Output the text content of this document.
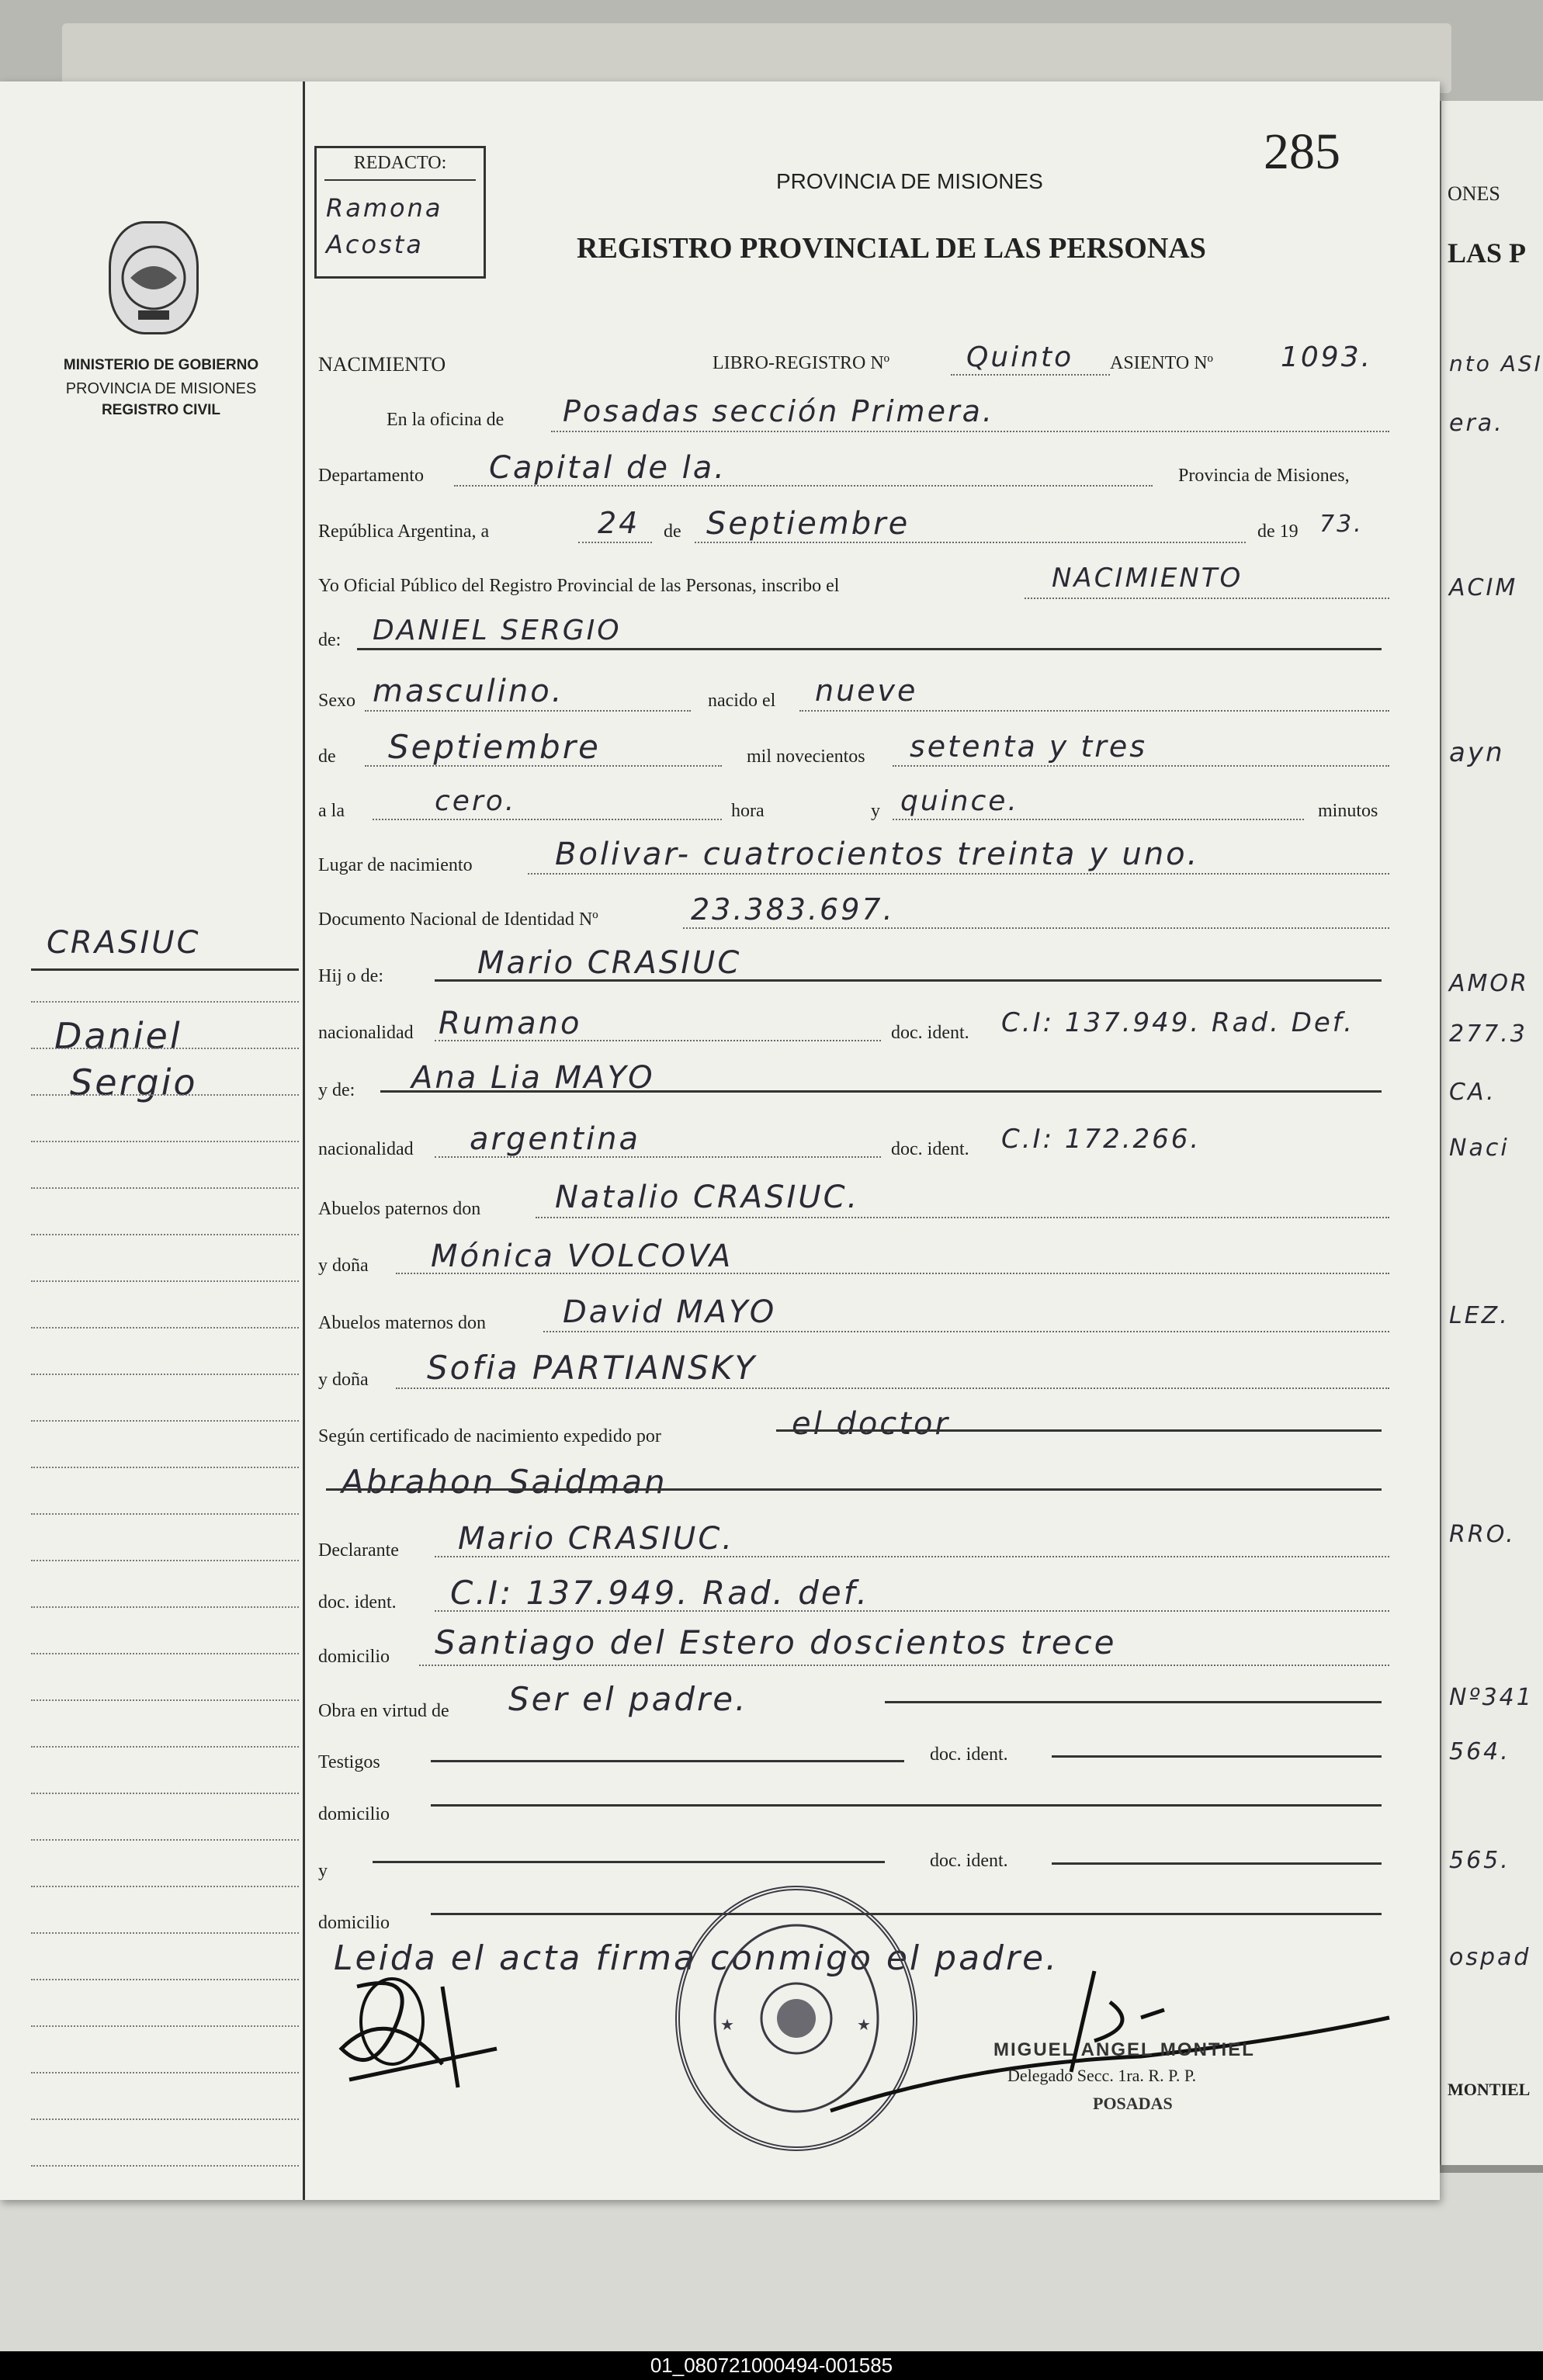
ONES
LAS P
nto ASI
era.
ACIM
ayn
AMOR
277.3
CA.
Naci
LEZ.
RRO.
Nº341
564.
565.
ospad
MONTIEL
MINISTERIO DE GOBIERNO
PROVINCIA DE MISIONES
REGISTRO CIVIL
CRASIUC
Daniel
Sergio
REDACTO:
Ramona
Acosta
285
PROVINCIA DE MISIONES
REGISTRO PROVINCIAL DE LAS PERSONAS
NACIMIENTO	LIBRO-REGISTRO Nº	Quinto ASIENTO Nº 1093.
En la oficina de Posadas sección Primera.
Departamento Capital de la.	Provincia de Misiones,
República Argentina, a	24 de Septiembre	de 19 73.
Yo Oficial Público del Registro Provincial de las Personas, inscribo el	NACIMIENTO
de: DANIEL SERGIO
Sexo masculino.	nacido el nueve
de Septiembre	mil novecientos setenta y tres
a la	cero.	hora	y quince.	minutos
Lugar de nacimiento	Bolivar- cuatrocientos treinta y uno.
Documento Nacional de Identidad Nº	23.383.697.
Hij o de:	Mario CRASIUC
nacionalidad Rumano	doc. ident. C.I: 137.949. Rad. Def.
y de: Ana Lia MAYO
nacionalidad argentina	doc. ident. C.I: 172.266.
Abuelos paternos don Natalio CRASIUC.
y doña Mónica VOLCOVA
Abuelos maternos don David MAYO
y doña Sofia PARTIANSKY
Según certificado de nacimiento expedido por	el doctor
Abrahon Saidman
Declarante Mario CRASIUC.
doc. ident. C.I: 137.949. Rad. def.
domicilio Santiago del Estero doscientos trece
Obra en virtud de Ser el padre.
Testigos	doc. ident.
domicilio
y	doc. ident.
domicilio
Leida el acta firma conmigo el padre.
★	★
MIGUEL ANGEL MONTIEL
Delegado Secc. 1ra. R. P. P.
POSADAS
01_080721000494-001585
